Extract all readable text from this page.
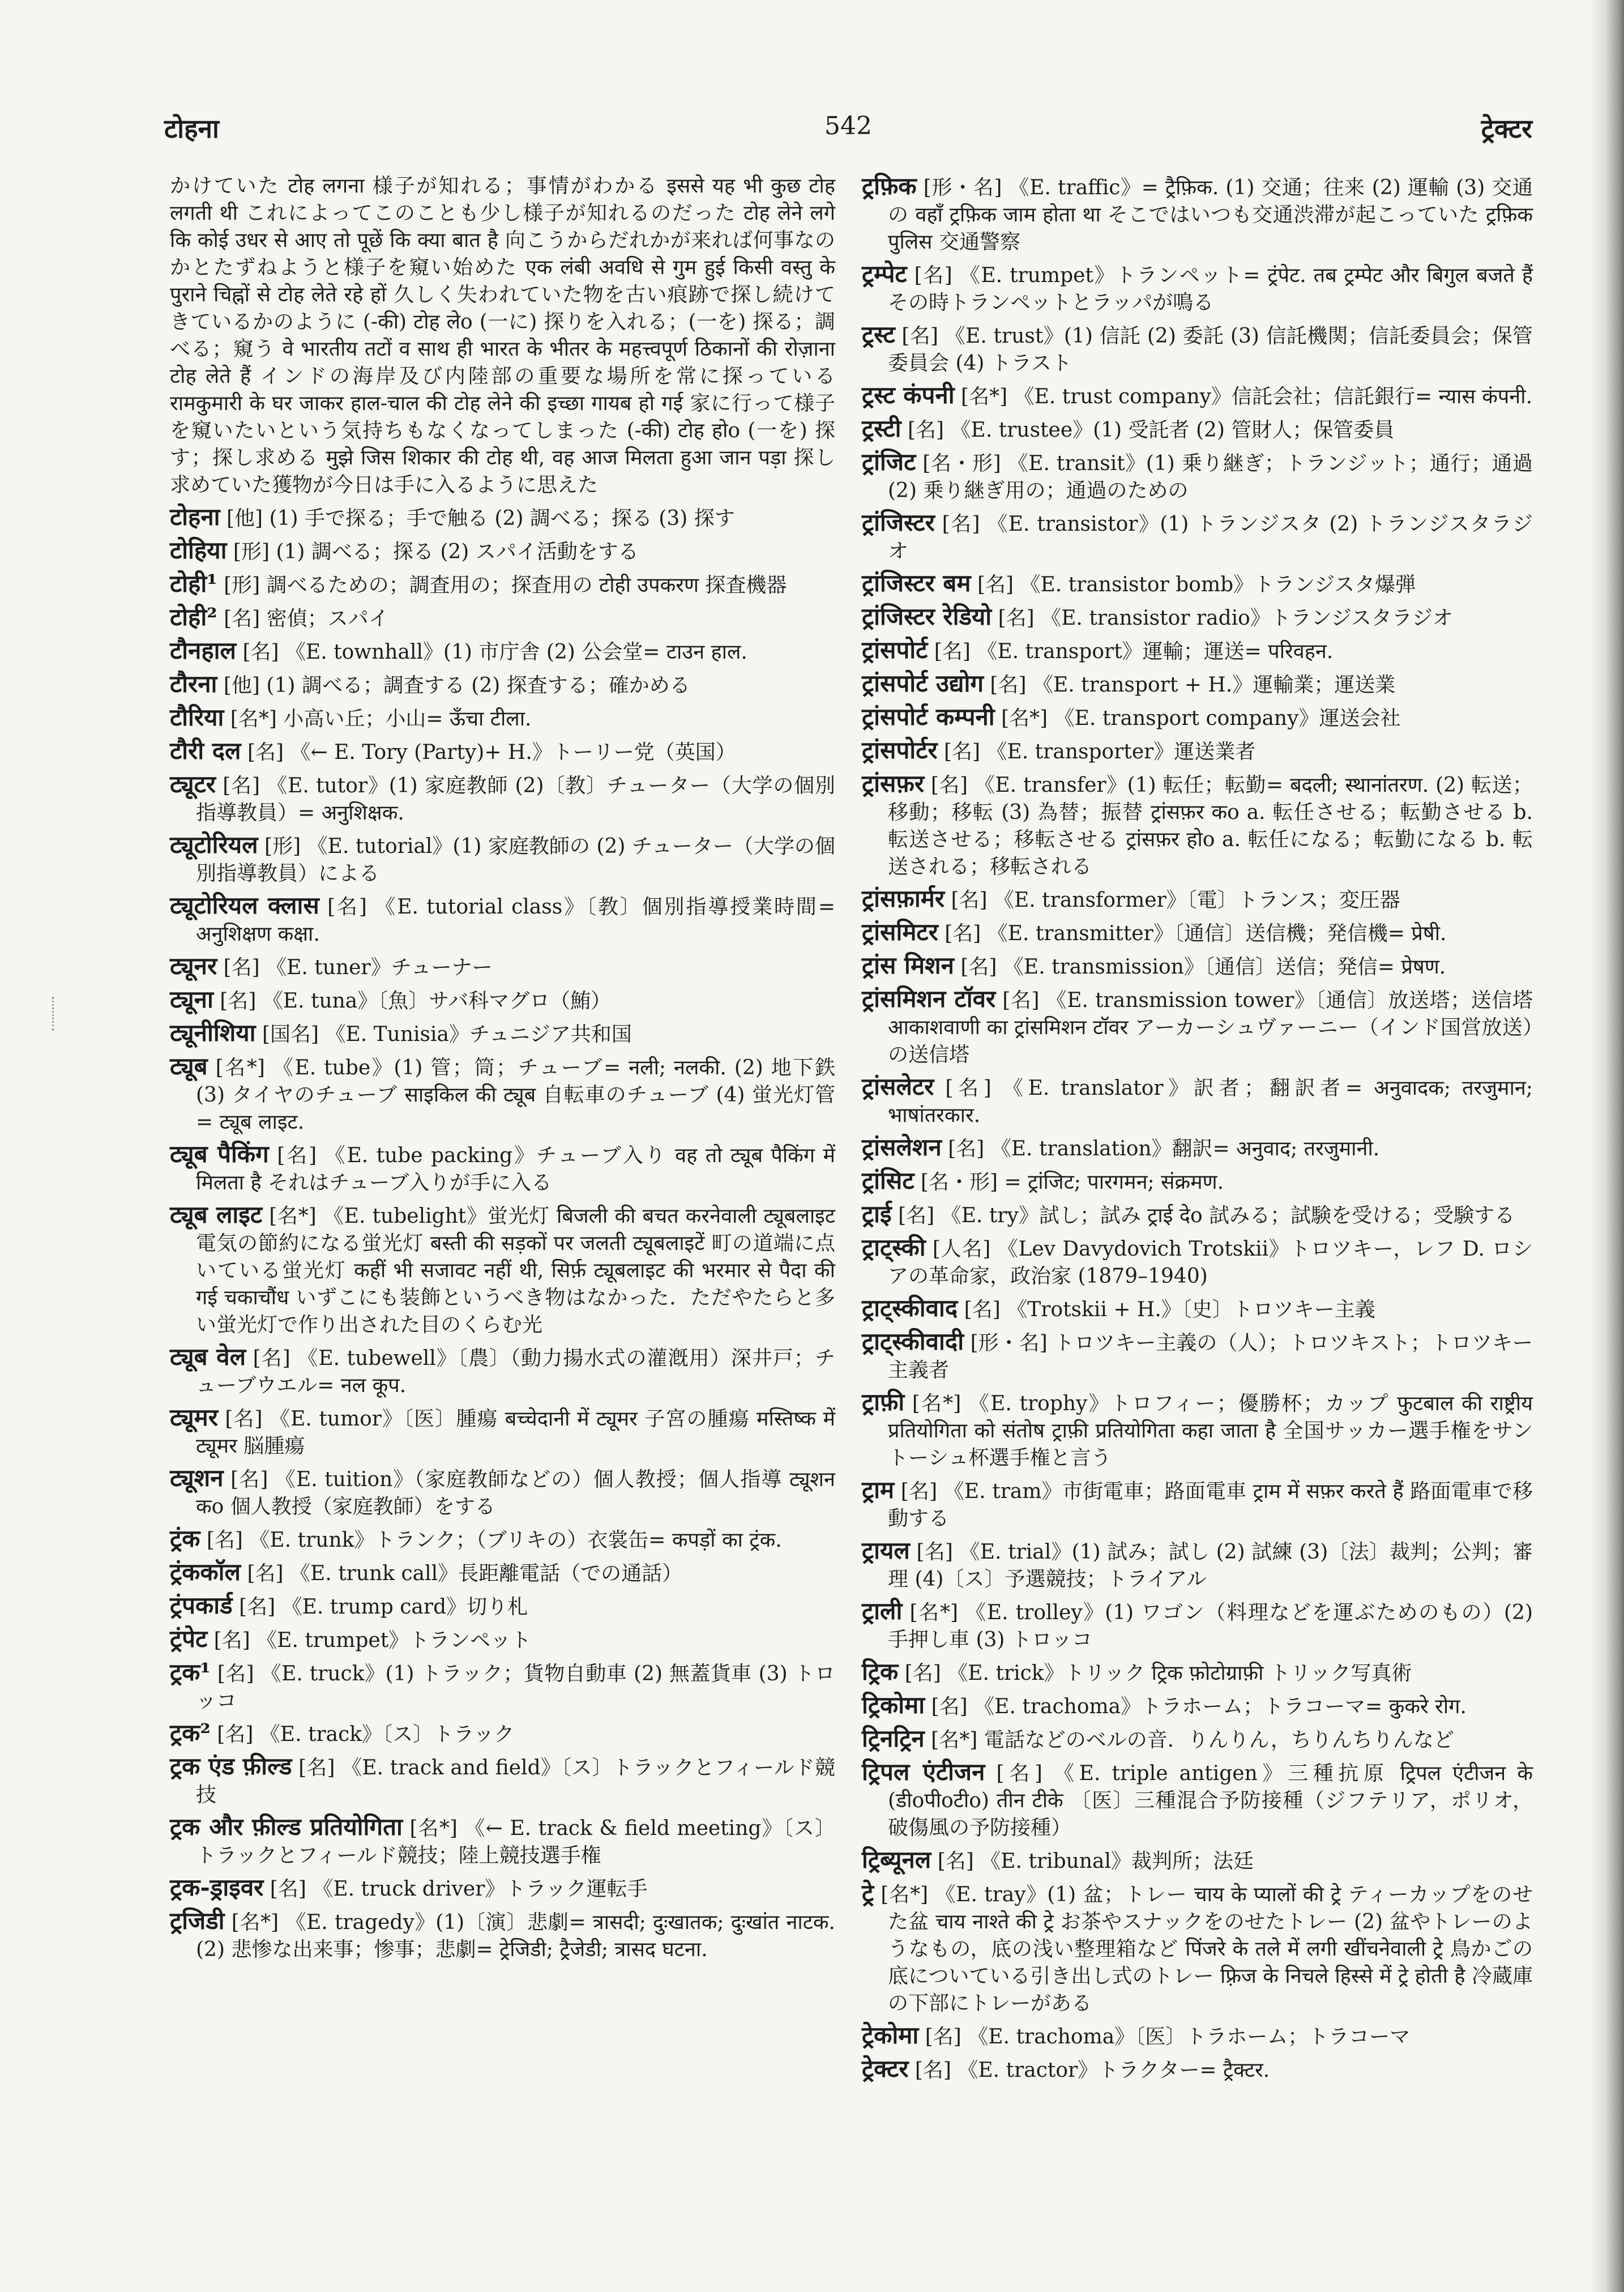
टोहना	542	ट्रेक्टर

かけていた टोह लगना 様子が知れる；事情がわかる इससे यह भी कुछ टोह लगती थी これによってこのことも少し様子が知れるのだった टोह लेने लगे कि कोई उधर से आए तो पूछें कि क्या बात है 向こうからだれかが来れば何事なのかとたずねようと様子を窺い始めた एक लंबी अवधि से गुम हुई किसी वस्तु के पुराने चिह्नों से टोह लेते रहे हों 久しく失われていた物を古い痕跡で探し続けてきているかのように (-की) टोह लेo (一に) 探りを入れる；(一を) 探る；調べる；窺う वे भारतीय तटों व साथ ही भारत के भीतर के महत्त्वपूर्ण ठिकानों की रोज़ाना टोह लेते हैं インドの海岸及び内陸部の重要な場所を常に探っている रामकुमारी के घर जाकर हाल-चाल की टोह लेने की इच्छा गायब हो गई 家に行って様子を窺いたいという気持ちもなくなってしまった (-की) टोह होo (一を) 探す；探し求める मुझे जिस शिकार की टोह थी, वह आज मिलता हुआ जान पड़ा 探し求めていた獲物が今日は手に入るように思えた

टोहना [他] (1) 手で探る；手で触る (2) 調べる；探る (3) 探す

टोहिया [形] (1) 調べる；探る (2) スパイ活動をする

टोही¹ [形] 調べるための；調査用の；探査用の टोही उपकरण 探査機器

टोही² [名] 密偵；スパイ

टौनहाल [名] 《E. townhall》(1) 市庁舎 (2) 公会堂= टाउन हाल.

टौरना [他] (1) 調べる；調査する (2) 探査する；確かめる

टौरिया [名*] 小高い丘；小山= ऊँचा टीला.

टौरी दल [名] 《← E. Tory (Party)+ H.》トーリー党（英国）

ट्यूटर [名] 《E. tutor》(1) 家庭教師 (2)〔教〕チューター（大学の個別指導教員）= अनुशिक्षक.

ट्यूटोरियल [形] 《E. tutorial》(1) 家庭教師の (2) チューター（大学の個別指導教員）による

ट्यूटोरियल क्लास [名] 《E. tutorial class》〔教〕個別指導授業時間= अनुशिक्षण कक्षा.

ट्यूनर [名] 《E. tuner》チューナー

ट्यूना [名] 《E. tuna》〔魚〕サバ科マグロ（鮪）

ट्यूनीशिया [国名] 《E. Tunisia》チュニジア共和国

ट्यूब [名*] 《E. tube》(1) 管；筒；チューブ= नली; नलकी. (2) 地下鉄 (3) タイヤのチューブ साइकिल की ट्यूब 自転車のチューブ (4) 蛍光灯管= ट्यूब लाइट.

ट्यूब पैकिंग [名] 《E. tube packing》チューブ入り वह तो ट्यूब पैकिंग में मिलता है それはチューブ入りが手に入る

ट्यूब लाइट [名*] 《E. tubelight》蛍光灯 बिजली की बचत करनेवाली ट्यूबलाइट 電気の節約になる蛍光灯 बस्ती की सड़कों पर जलती ट्यूबलाइटें 町の道端に点いている蛍光灯 कहीं भी सजावट नहीं थी, सिर्फ़ ट्यूबलाइट की भरमार से पैदा की गई चकाचौंध いずこにも装飾というべき物はなかった．ただやたらと多い蛍光灯で作り出された目のくらむ光

ट्यूब वेल [名] 《E. tubewell》〔農〕（動力揚水式の灌漑用）深井戸；チューブウエル= नल कूप.

ट्यूमर [名] 《E. tumor》〔医〕腫瘍 बच्चेदानी में ट्यूमर 子宮の腫瘍 मस्तिष्क में ट्यूमर 脳腫瘍

ट्यूशन [名] 《E. tuition》（家庭教師などの）個人教授；個人指導 ट्यूशन कo 個人教授（家庭教師）をする

ट्रंक [名] 《E. trunk》トランク；（ブリキの）衣裳缶= कपड़ों का ट्रंक.

ट्रंककॉल [名] 《E. trunk call》長距離電話（での通話）

ट्रंपकार्ड [名] 《E. trump card》切り札

ट्रंपेट [名] 《E. trumpet》トランペット

ट्रक¹ [名] 《E. truck》(1) トラック；貨物自動車 (2) 無蓋貨車 (3) トロッコ

ट्रक² [名] 《E. track》〔ス〕トラック

ट्रक एंड फ़ील्ड [名] 《E. track and field》〔ス〕トラックとフィールド競技

ट्रक और फ़ील्ड प्रतियोगिता [名*] 《← E. track & field meeting》〔ス〕トラックとフィールド競技；陸上競技選手権

ट्रक-ड्राइवर [名] 《E. truck driver》トラック運転手

ट्रजिडी [名*] 《E. tragedy》(1)〔演〕悲劇= त्रासदी; दुःखातक; दुःखांत नाटक. (2) 悲惨な出来事；惨事；悲劇= ट्रेजिडी; ट्रैजेडी; त्रासद घटना.

ट्रफ़िक [形・名] 《E. traffic》= ट्रैफ़िक. (1) 交通；往来 (2) 運輸 (3) 交通の वहाँ ट्रफ़िक जाम होता था そこではいつも交通渋滞が起こっていた ट्रफ़िक पुलिस 交通警察

ट्रम्पेट [名] 《E. trumpet》トランペット= ट्रंपेट. तब ट्रम्पेट और बिगुल बजते हैं その時トランペットとラッパが鳴る

ट्रस्ट [名] 《E. trust》(1) 信託 (2) 委託 (3) 信託機関；信託委員会；保管委員会 (4) トラスト

ट्रस्ट कंपनी [名*] 《E. trust company》信託会社；信託銀行= न्यास कंपनी.

ट्रस्टी [名] 《E. trustee》(1) 受託者 (2) 管財人；保管委員

ट्रांजिट [名・形] 《E. transit》(1) 乗り継ぎ；トランジット；通行；通過 (2) 乗り継ぎ用の；通過のための

ट्रांजिस्टर [名] 《E. transistor》(1) トランジスタ (2) トランジスタラジオ

ट्रांजिस्टर बम [名] 《E. transistor bomb》トランジスタ爆弾

ट्रांजिस्टर रेडियो [名] 《E. transistor radio》トランジスタラジオ

ट्रांसपोर्ट [名] 《E. transport》運輸；運送= परिवहन.

ट्रांसपोर्ट उद्योग [名] 《E. transport + H.》運輸業；運送業

ट्रांसपोर्ट कम्पनी [名*] 《E. transport company》運送会社

ट्रांसपोर्टर [名] 《E. transporter》運送業者

ट्रांसफ़र [名] 《E. transfer》(1) 転任；転勤= बदली; स्थानांतरण. (2) 転送；移動；移転 (3) 為替；振替 ट्रांसफ़र कo a. 転任させる；転勤させる b. 転送させる；移転させる ट्रांसफ़र होo a. 転任になる；転勤になる b. 転送される；移転される

ट्रांसफ़ार्मर [名] 《E. transformer》〔電〕トランス；変圧器

ट्रांसमिटर [名] 《E. transmitter》〔通信〕送信機；発信機= प्रेषी.

ट्रांस मिशन [名] 《E. transmission》〔通信〕送信；発信= प्रेषण.

ट्रांसमिशन टॉवर [名] 《E. transmission tower》〔通信〕放送塔；送信塔 आकाशवाणी का ट्रांसमिशन टॉवर アーカーシュヴァーニー（インド国営放送）の送信塔

ट्रांसलेटर [名] 《E. translator》訳者；翻訳者= अनुवादक; तरजुमान; भाषांतरकार.

ट्रांसलेशन [名] 《E. translation》翻訳= अनुवाद; तरजुमानी.

ट्रांसिट [名・形] = ट्रांजिट; पारगमन; संक्रमण.

ट्राई [名] 《E. try》試し；試み ट्राई देo 試みる；試験を受ける；受験する

ट्राट्स्की [人名] 《Lev Davydovich Trotskii》トロツキー，レフ D. ロシアの革命家，政治家 (1879–1940)

ट्राट्स्कीवाद [名] 《Trotskii + H.》〔史〕トロツキー主義

ट्राट्स्कीवादी [形・名] トロツキー主義の（人）；トロツキスト；トロツキー主義者

ट्राफ़ी [名*] 《E. trophy》トロフィー；優勝杯；カップ फुटबाल की राष्ट्रीय प्रतियोगिता को संतोष ट्राफ़ी प्रतियोगिता कहा जाता है 全国サッカー選手権をサントーシュ杯選手権と言う

ट्राम [名] 《E. tram》市街電車；路面電車 ट्राम में सफ़र करते हैं 路面電車で移動する

ट्रायल [名] 《E. trial》(1) 試み；試し (2) 試練 (3)〔法〕裁判；公判；審理 (4)〔ス〕予選競技；トライアル

ट्राली [名*] 《E. trolley》(1) ワゴン（料理などを運ぶためのもの）(2) 手押し車 (3) トロッコ

ट्रिक [名] 《E. trick》トリック ट्रिक फ़ोटोग्राफ़ी トリック写真術

ट्रिकोमा [名] 《E. trachoma》トラホーム；トラコーマ= कुकरे रोग.

ट्रिनट्रिन [名*] 電話などのベルの音．りんりん，ちりんちりんなど

ट्रिपल एंटीजन [名] 《E. triple antigen》三種抗原 ट्रिपल एंटीजन के (डीoपीoटीo) तीन टीके 〔医〕三種混合予防接種（ジフテリア，ポリオ，破傷風の予防接種）

ट्रिब्यूनल [名] 《E. tribunal》裁判所；法廷

ट्रे [名*] 《E. tray》(1) 盆；トレー चाय के प्यालों की ट्रे ティーカップをのせた盆 चाय नाश्ते की ट्रे お茶やスナックをのせたトレー (2) 盆やトレーのようなもの，底の浅い整理箱など पिंजरे के तले में लगी खींचनेवाली ट्रे 鳥かごの底についている引き出し式のトレー फ़्रिज के निचले हिस्से में ट्रे होती है 冷蔵庫の下部にトレーがある

ट्रेकोमा [名] 《E. trachoma》〔医〕トラホーム；トラコーマ

ट्रेक्टर [名] 《E. tractor》トラクター= ट्रैक्टर.
